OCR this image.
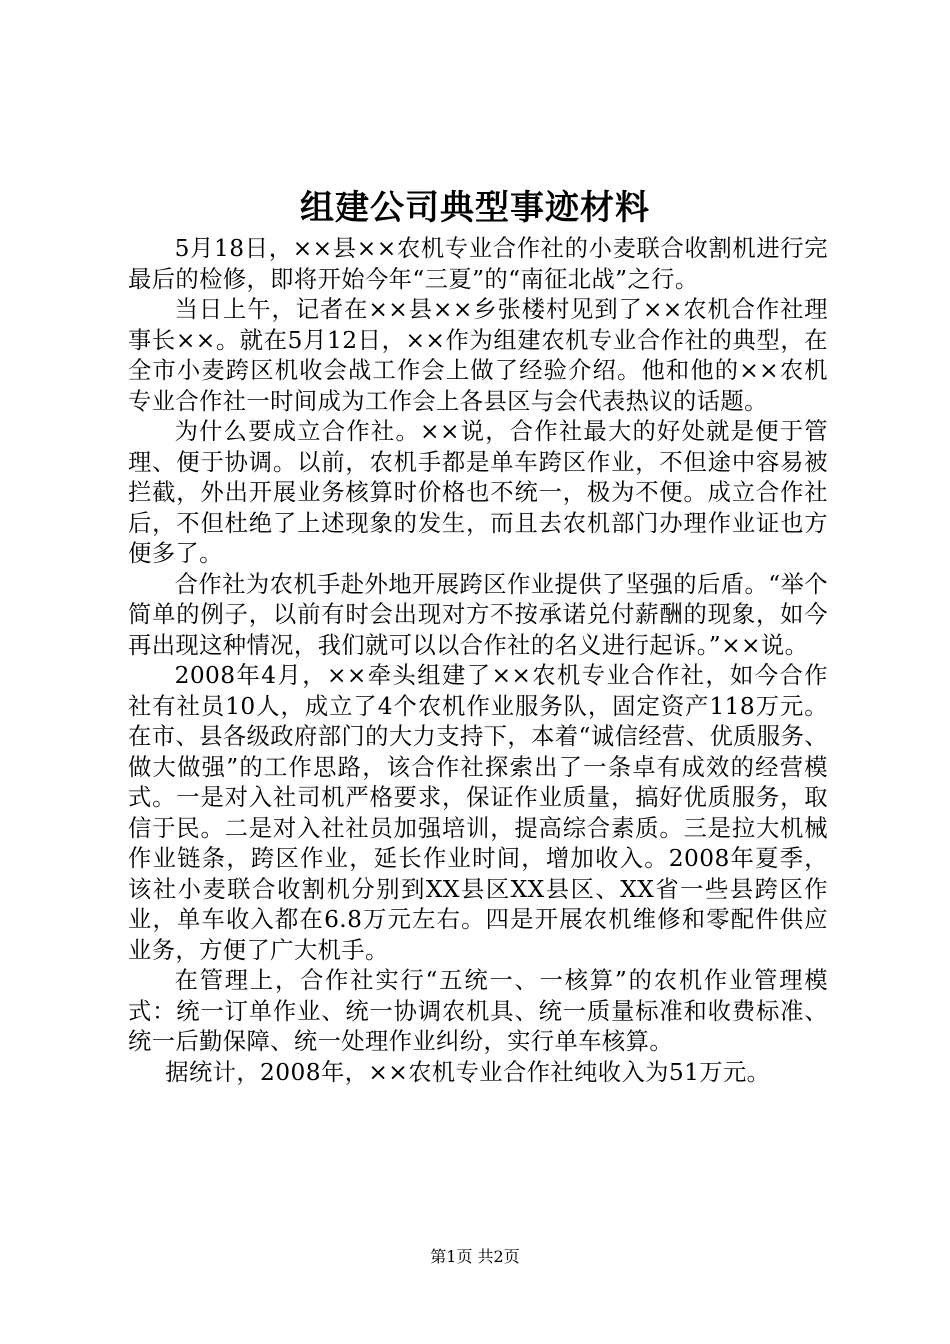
组建公司典型事迹材料

5月18日，××县××农机专业合作社的小麦联合收割机进行完最后的检修，即将开始今年“三夏”的“南征北战”之行。

当日上午，记者在××县××乡张楼村见到了××农机合作社理事长××。就在5月12日，××作为组建农机专业合作社的典型，在全市小麦跨区机收会战工作会上做了经验介绍。他和他的××农机专业合作社一时间成为工作会上各县区与会代表热议的话题。

为什么要成立合作社。××说，合作社最大的好处就是便于管理、便于协调。以前，农机手都是单车跨区作业，不但途中容易被拦截，外出开展业务核算时价格也不统一，极为不便。成立合作社后，不但杜绝了上述现象的发生，而且去农机部门办理作业证也方便多了。

合作社为农机手赴外地开展跨区作业提供了坚强的后盾。“举个简单的例子，以前有时会出现对方不按承诺兑付薪酬的现象，如今再出现这种情况，我们就可以以合作社的名义进行起诉。”××说。

2008年4月，××牵头组建了××农机专业合作社，如今合作社有社员10人，成立了4个农机作业服务队，固定资产118万元。在市、县各级政府部门的大力支持下，本着“诚信经营、优质服务、做大做强”的工作思路，该合作社探索出了一条卓有成效的经营模式。一是对入社司机严格要求，保证作业质量，搞好优质服务，取信于民。二是对入社社员加强培训，提高综合素质。三是拉大机械作业链条，跨区作业，延长作业时间，增加收入。2008年夏季，该社小麦联合收割机分别到XX县区XX县区、XX省一些县跨区作业，单车收入都在6.8万元左右。四是开展农机维修和零配件供应业务，方便了广大机手。

在管理上，合作社实行“五统一、一核算”的农机作业管理模式：统一订单作业、统一协调农机具、统一质量标准和收费标准、统一后勤保障、统一处理作业纠纷，实行单车核算。

据统计，2008年，××农机专业合作社纯收入为51万元。

第1页 共2页
